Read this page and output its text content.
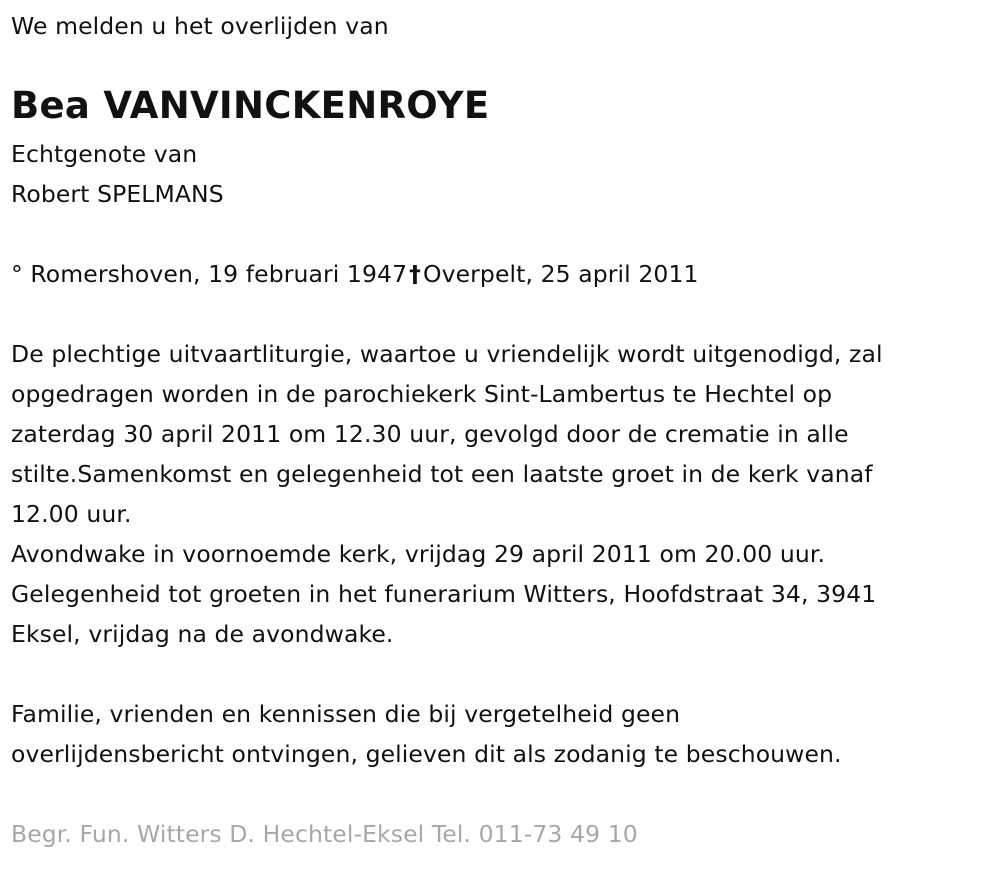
We melden u het overlijden van
Bea VANVINCKENROYE
Echtgenote van
Robert SPELMANS
° Romershoven, 19 februari 1947†Overpelt, 25 april 2011
De plechtige uitvaartliturgie, waartoe u vriendelijk wordt uitgenodigd, zal
opgedragen worden in de parochiekerk Sint-Lambertus te Hechtel op
zaterdag 30 april 2011 om 12.30 uur, gevolgd door de crematie in alle
stilte.Samenkomst en gelegenheid tot een laatste groet in de kerk vanaf
12.00 uur.
Avondwake in voornoemde kerk, vrijdag 29 april 2011 om 20.00 uur.
Gelegenheid tot groeten in het funerarium Witters, Hoofdstraat 34, 3941
Eksel, vrijdag na de avondwake.
Familie, vrienden en kennissen die bij vergetelheid geen
overlijdensbericht ontvingen, gelieven dit als zodanig te beschouwen.
Begr. Fun. Witters D. Hechtel-Eksel Tel. 011-73 49 10
